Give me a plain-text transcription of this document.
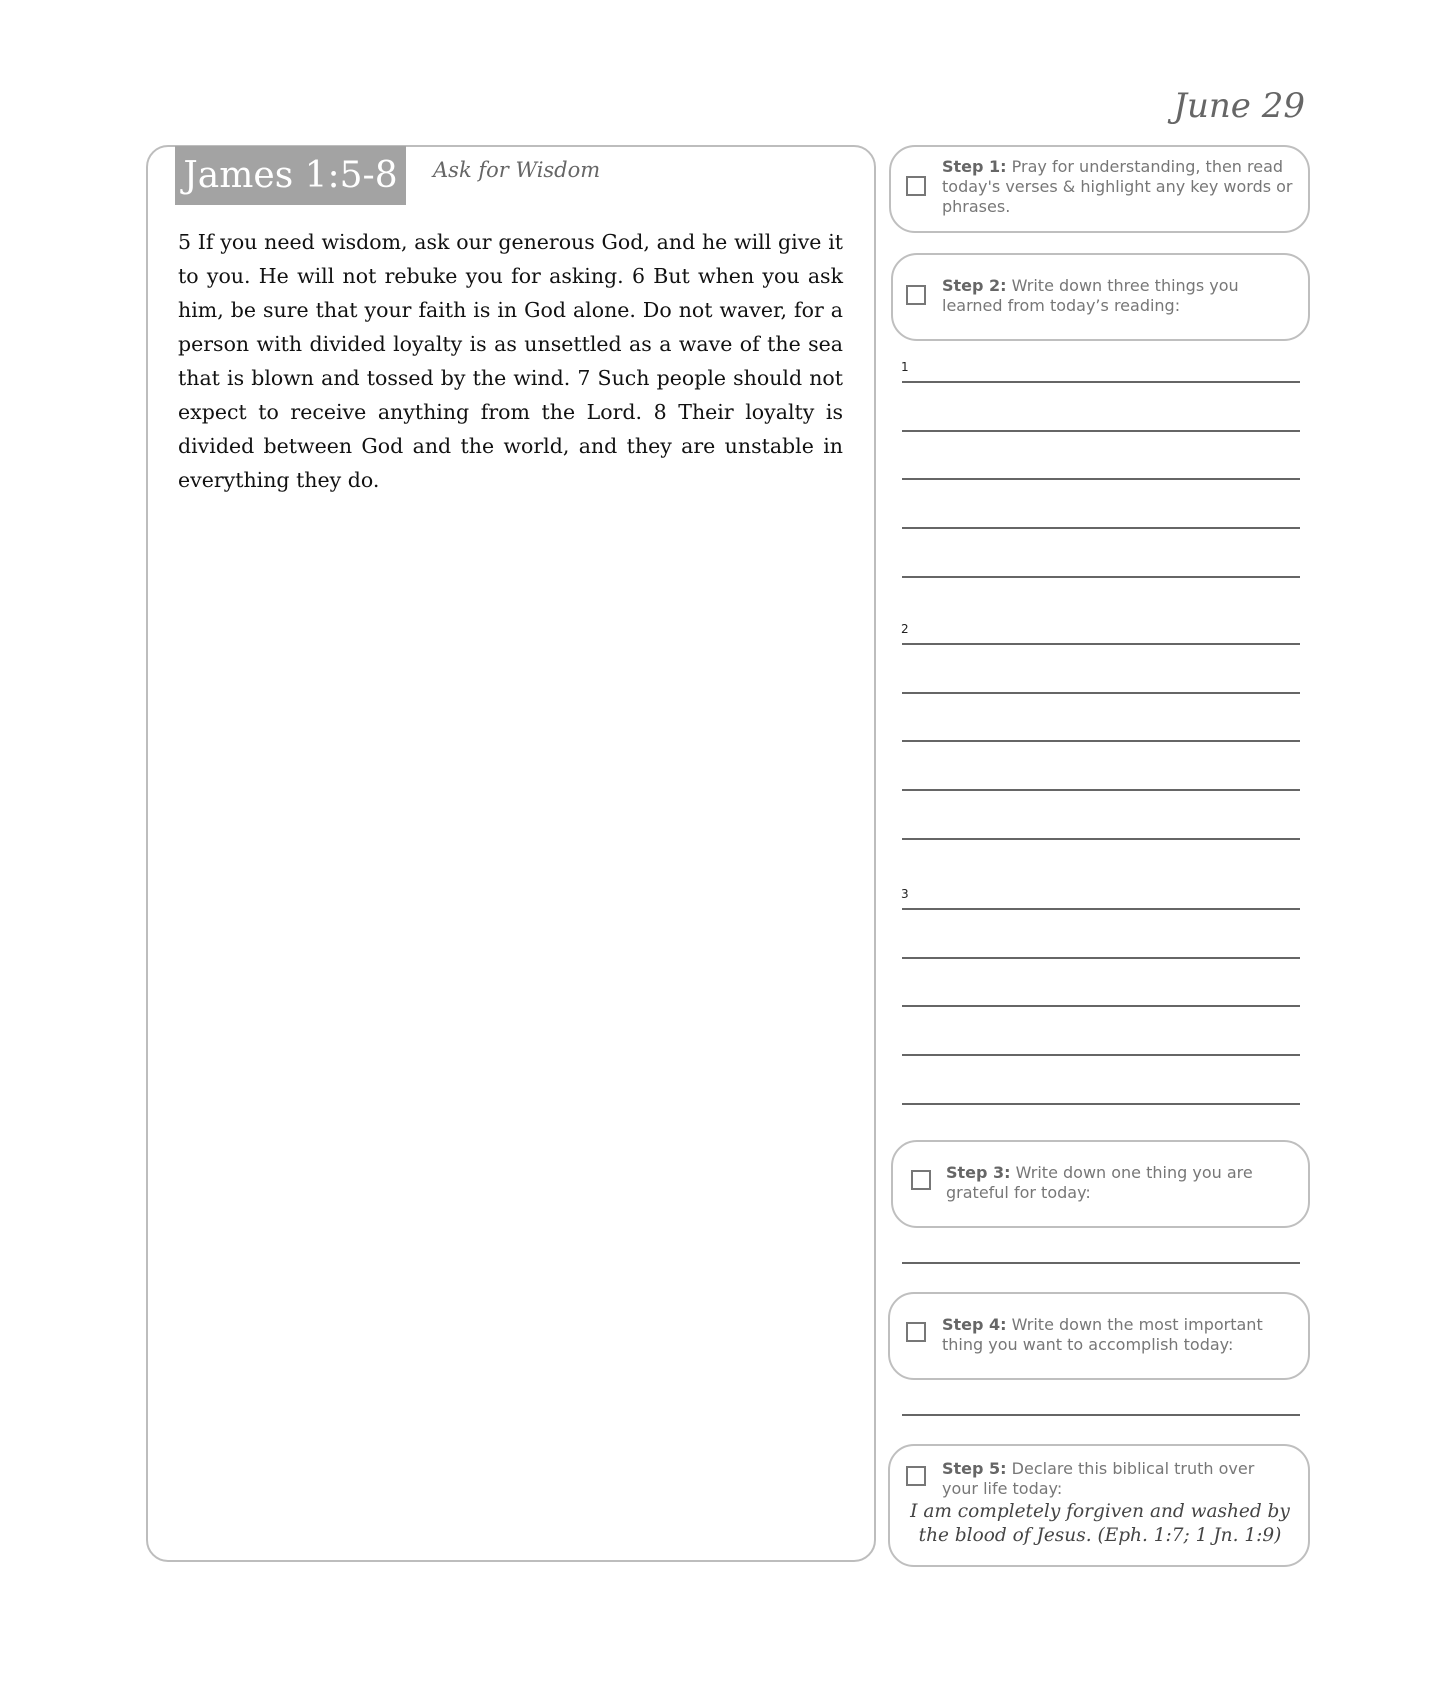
June 29
James 1:5-8	Ask for Wisdom

5 If you need wisdom, ask our generous God, and he will give it to you. He will not rebuke you for asking. 6 But when you ask him, be sure that your faith is in God alone. Do not waver, for a person with divided loyalty is as unsettled as a wave of the sea that is blown and tossed by the wind. 7 Such people should not expect to receive anything from the Lord. 8 Their loyalty is divided between God and the world, and they are unstable in everything they do.

Step 1: Pray for understanding, then read today's verses & highlight any key words or phrases.

Step 2: Write down three things you learned from today’s reading:

1
2
3

Step 3: Write down one thing you are grateful for today:

Step 4: Write down the most important thing you want to accomplish today:

Step 5: Declare this biblical truth over your life today:

I am completely forgiven and washed by
the blood of Jesus. (Eph. 1:7; 1 Jn. 1:9)
